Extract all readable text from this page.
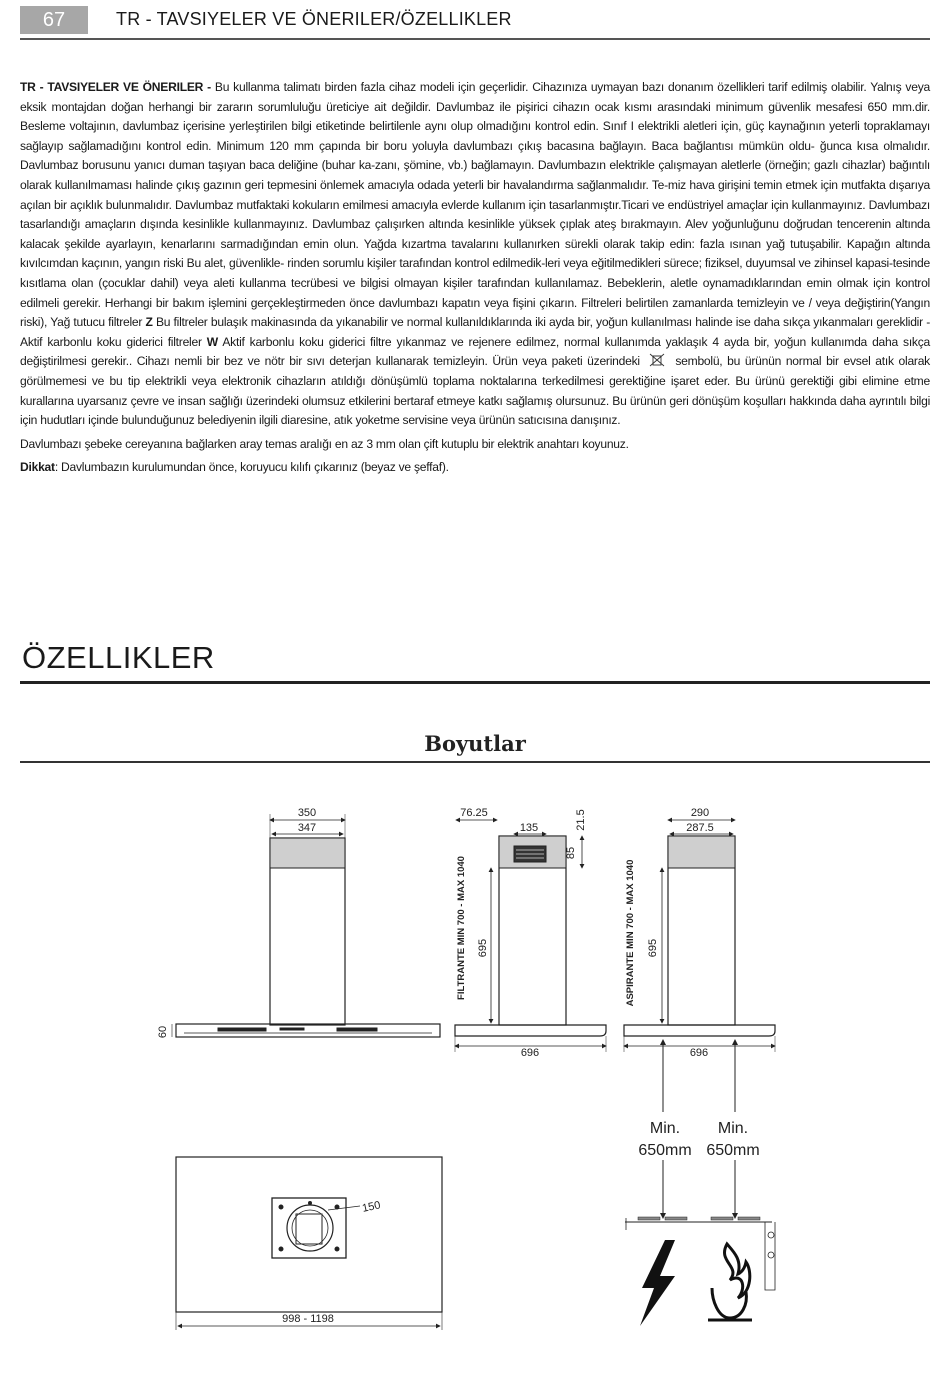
67	TR - TAVSIYELER VE ÖNERILER/ÖZELLIKLER

TR - TAVSIYELER VE ÖNERILER - Bu kullanma talimatı birden fazla cihaz modeli için geçerlidir. Cihazınıza uymayan bazı donanım özellikleri tarif edilmiş olabilir. Yalnış veya eksik montajdan doğan herhangi bir zararın sorumluluğu üreticiye ait değildir. Davlumbaz ile pişirici cihazın ocak kısmı arasındaki minimum güvenlik mesafesi 650 mm.dir. Besleme voltajının, davlumbaz içerisine yerleştirilen bilgi etiketinde belirtilenle aynı olup olmadığını kontrol edin. Sınıf I elektrikli aletleri için, güç kaynağının yeterli topraklamayı sağlayıp sağlamadığını kontrol edin. Minimum 120 mm çapında bir boru yoluyla davlumbazı çıkış bacasına bağlayın. Baca bağlantısı mümkün oldu- ğunca kısa olmalıdır. Davlumbaz borusunu yanıcı duman taşıyan baca deliğine (buhar ka-zanı, şömine, vb.) bağlamayın. Davlumbazın elektrikle çalışmayan aletlerle (örneğin; gazlı cihazlar) bağıntılı olarak kullanılmaması halinde çıkış gazının geri tepmesini önlemek amacıyla odada yeterli bir havalandırma sağlanmalıdır. Te-miz hava girişini temin etmek için mutfakta dışarıya açılan bir açıklık bulunmalıdır. Davlumbaz mutfaktaki kokuların emilmesi amacıyla evlerde kullanım için tasarlanmıştır.Ticari ve endüstriyel amaçlar için kullanmayınız. Davlumbazı tasarlandığı amaçların dışında kesinlikle kullanmayınız. Davlumbaz çalışırken altında kesinlikle yüksek çıplak ateş bırakmayın. Alev yoğunluğunu doğrudan tencerenin altında kalacak şekilde ayarlayın, kenarlarını sarmadığından emin olun. Yağda kızartma tavalarını kullanırken sürekli olarak takip edin: fazla ısınan yağ tutuşabilir. Kapağın altında kıvılcımdan kaçının, yangın riski Bu alet, güvenlikle- rinden sorumlu kişiler tarafından kontrol edilmedik-leri veya eğitilmedikleri sürece; fiziksel, duyumsal ve zihinsel kapasi-tesinde kısıtlama olan (çocuklar dahil) veya aleti kullanma tecrübesi ve bilgisi olmayan kişiler tarafından kullanılamaz. Bebeklerin, aletle oynamadıklarından emin olmak için kontrol edilmeli gerekir. Herhangi bir bakım işlemini gerçekleştirmeden önce davlumbazı kapatın veya fişini çıkarın. Filtreleri belirtilen zamanlarda temizleyin ve / veya değiştirin(Yangın riski), Yağ tutucu filtreler Z Bu filtreler bulaşık makinasında da yıkanabilir ve normal kullanıldıklarında iki ayda bir, yoğun kullanılması halinde ise daha sıkça yıkanmaları gereklidir - Aktif karbonlu koku giderici filtreler W Aktif karbonlu koku giderici filtre yıkanmaz ve rejenere edilmez, normal kullanımda yaklaşık 4 ayda bir, yoğun kullanımda daha sıkça değiştirilmesi gerekir.. Cihazı nemli bir bez ve nötr bir sıvı deterjan kullanarak temizleyin. Ürün veya paketi üzerindeki  sembolü, bu ürünün normal bir evsel atık olarak görülmemesi ve bu tip elektrikli veya elektronik cihazların atıldığı dönüşümlü toplama noktalarına terkedilmesi gerektiğine işaret eder. Bu ürünü gerektiği gibi elimine etme kurallarına uyarsanız çevre ve insan sağlığı üzerindeki olumsuz etkilerini bertaraf etmeye katkı sağlamış olursunuz. Bu ürünün geri dönüşüm koşulları hakkında daha ayrıntılı bilgi için hudutları içinde bulunduğunuz belediyenin ilgili diaresine, atık yoketme servisine veya ürünün satıcısına danışınız.

Davlumbazı şebeke cereyanına bağlarken aray temas aralığı en az 3 mm olan çift kutuplu bir elektrik anahtarı koyunuz.

Dikkat: Davlumbazın kurulumundan önce, koruyucu kılıfı çıkarınız (beyaz ve şeffaf).

ÖZELLIKLER
Boyutlar
350
347
60
76.25
135	21.5
85
FILTRANTE MIN 700 - MAX 1040 695
696
290
287.5
ASPIRANTE MIN 700 - MAX 1040 695
696
Min.
650mm
Min.
650mm
150
998 - 1198
